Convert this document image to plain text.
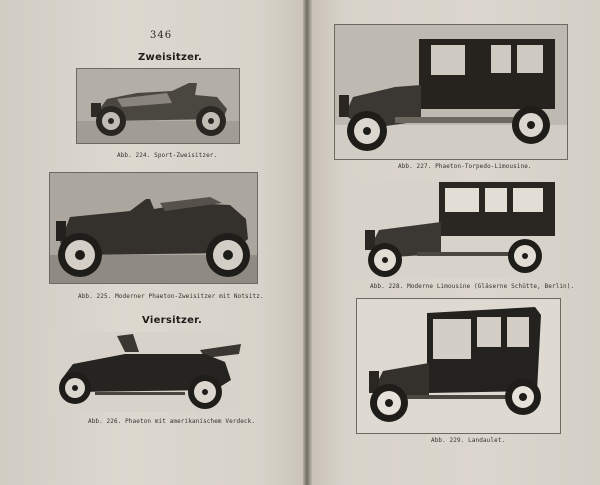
346
Zweisitzer.
Abb. 224. Sport-Zweisitzer.
Abb. 225. Moderner Phaeton-Zweisitzer mit Notsitz.
Viersitzer.
Abb. 226. Phaeton mit amerikanischem Verdeck.
Abb. 227. Phaeton-Torpedo-Limousine.
Abb. 228. Moderne Limousine (Gläserne Schütte, Berlin).
Abb. 229. Landaulet.
